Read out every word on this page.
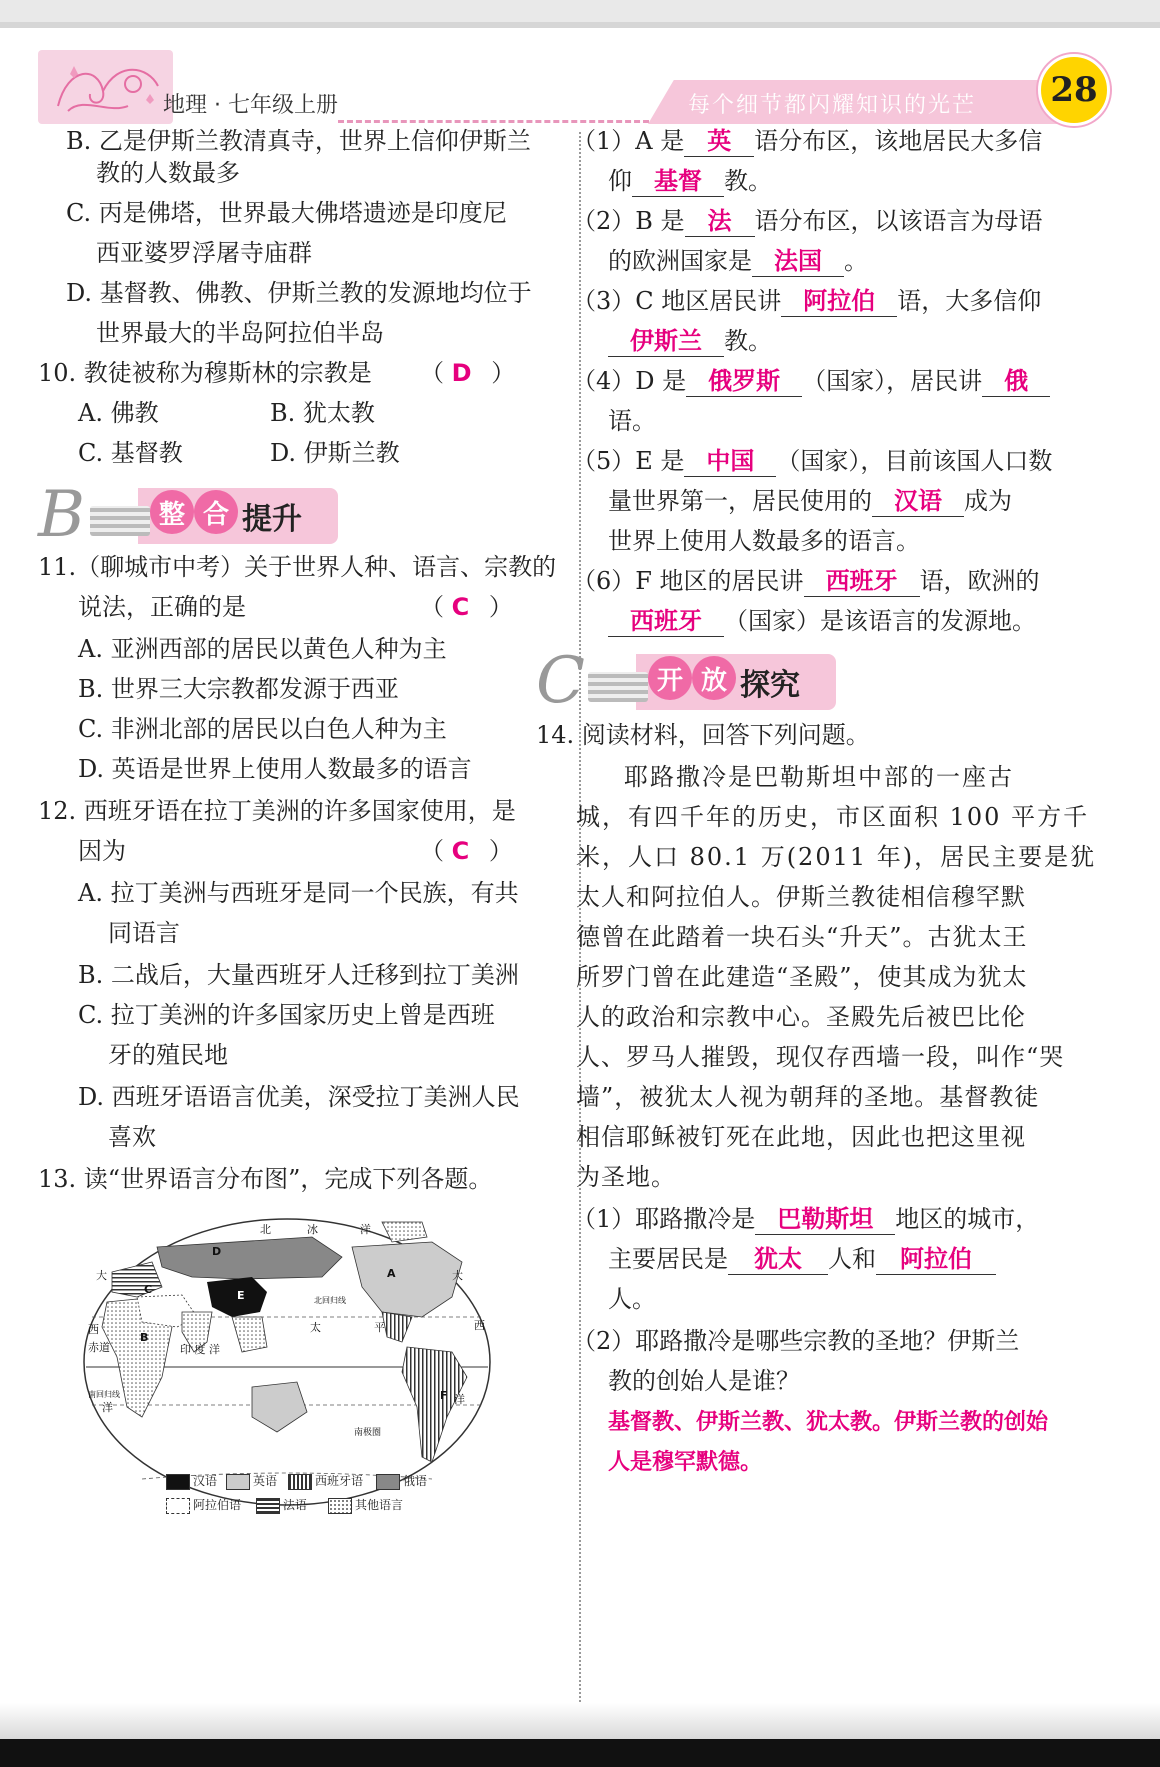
地理 · 七年级上册	每个细节都闪耀知识的光芒	28
B. 乙是伊斯兰教清真寺，世界上信仰伊斯兰
教的人数最多
C. 丙是佛塔，世界最大佛塔遗迹是印度尼
西亚婆罗浮屠寺庙群
D. 基督教、佛教、伊斯兰教的发源地均位于
世界最大的半岛阿拉伯半岛
10. 教徒被称为穆斯林的宗教是 （ D ）
A. 佛教	B. 犹太教
C. 基督教	D. 伊斯兰教
B	整 合 提升
11.（聊城市中考）关于世界人种、语言、宗教的
说法，正确的是	（ C ）
A. 亚洲西部的居民以黄色人种为主
B. 世界三大宗教都发源于西亚
C. 非洲北部的居民以白色人种为主
D. 英语是世界上使用人数最多的语言
12. 西班牙语在拉丁美洲的许多国家使用，是
因为	（ C ）
A. 拉丁美洲与西班牙是同一个民族，有共
同语言
B. 二战后，大量西班牙人迁移到拉丁美洲
C. 拉丁美洲的许多国家历史上曾是西班
牙的殖民地
D. 西班牙语语言优美，深受拉丁美洲人民
喜欢
13. 读“世界语言分布图”，完成下列各题。
北	冰	洋
大	大
西	西
太	平
印 度 洋
赤道
北回归线
南回归线
洋
洋
南极圈
A
B
C
D
E
F
汉语	英语	西班牙语	俄语
阿拉伯语	法语	其他语言
（1）A 是 英 语分布区，该地居民大多信
仰 基督 教。
（2）B 是 法 语分布区，以该语言为母语
的欧洲国家是 法国 。
（3）C 地区居民讲 阿拉伯 语，大多信仰
伊斯兰 教。
（4）D 是 俄罗斯 （国家），居民讲 俄
语。
（5）E 是 中国 （国家），目前该国人口数
量世界第一，居民使用的 汉语 成为
世界上使用人数最多的语言。
（6）F 地区的居民讲 西班牙 语，欧洲的
西班牙 （国家）是该语言的发源地。
C	开 放 探究
14. 阅读材料，回答下列问题。
耶路撒冷是巴勒斯坦中部的一座古
城，有四千年的历史，市区面积 100 平方千
米，人口 80.1 万(2011 年)，居民主要是犹
太人和阿拉伯人。伊斯兰教徒相信穆罕默
德曾在此踏着一块石头“升天”。古犹太王
所罗门曾在此建造“圣殿”，使其成为犹太
人的政治和宗教中心。圣殿先后被巴比伦
人、罗马人摧毁，现仅存西墙一段，叫作“哭
墙”，被犹太人视为朝拜的圣地。基督教徒
相信耶稣被钉死在此地，因此也把这里视
为圣地。
（1）耶路撒冷是 巴勒斯坦 地区的城市，
主要居民是 犹太 人和 阿拉伯
人。
（2）耶路撒冷是哪些宗教的圣地？伊斯兰
教的创始人是谁？
基督教、伊斯兰教、犹太教。伊斯兰教的创始
人是穆罕默德。
